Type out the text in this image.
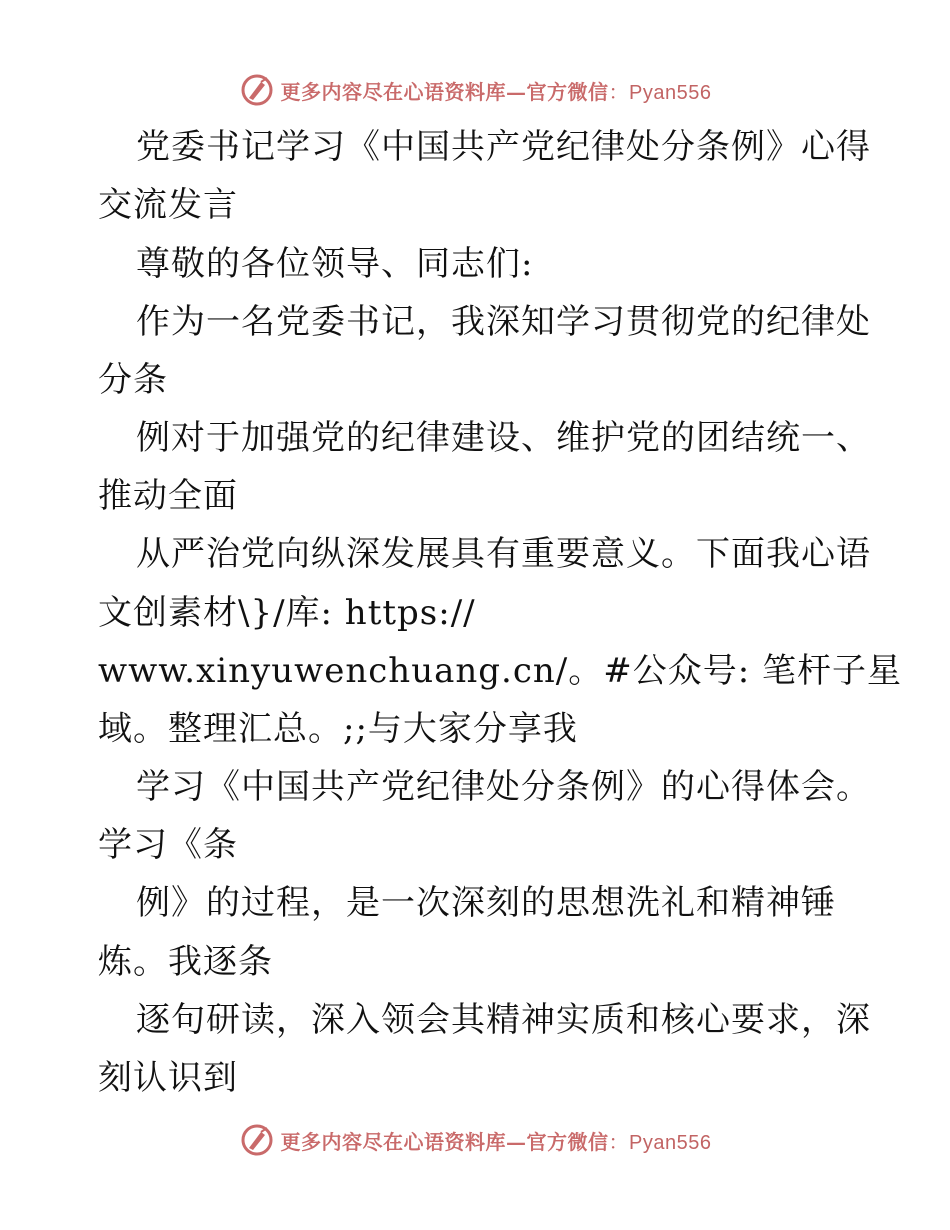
更多内容尽在心语资料库—官方微信：Pyan556
党委书记学习《中国共产党纪律处分条例》心得
交流发言
尊敬的各位领导、同志们:
作为一名党委书记，我深知学习贯彻党的纪律处
分条
例对于加强党的纪律建设、维护党的团结统一、
推动全面
从严治党向纵深发展具有重要意义。下面我心语
文创素材\}/库: https://
www.xinyuwenchuang.cn/。#公众号: 笔杆子星
域。整理汇总。;;与大家分享我
学习《中国共产党纪律处分条例》的心得体会。
学习《条
例》的过程，是一次深刻的思想洗礼和精神锤
炼。我逐条
逐句研读，深入领会其精神实质和核心要求，深
刻认识到
更多内容尽在心语资料库—官方微信：Pyan556
